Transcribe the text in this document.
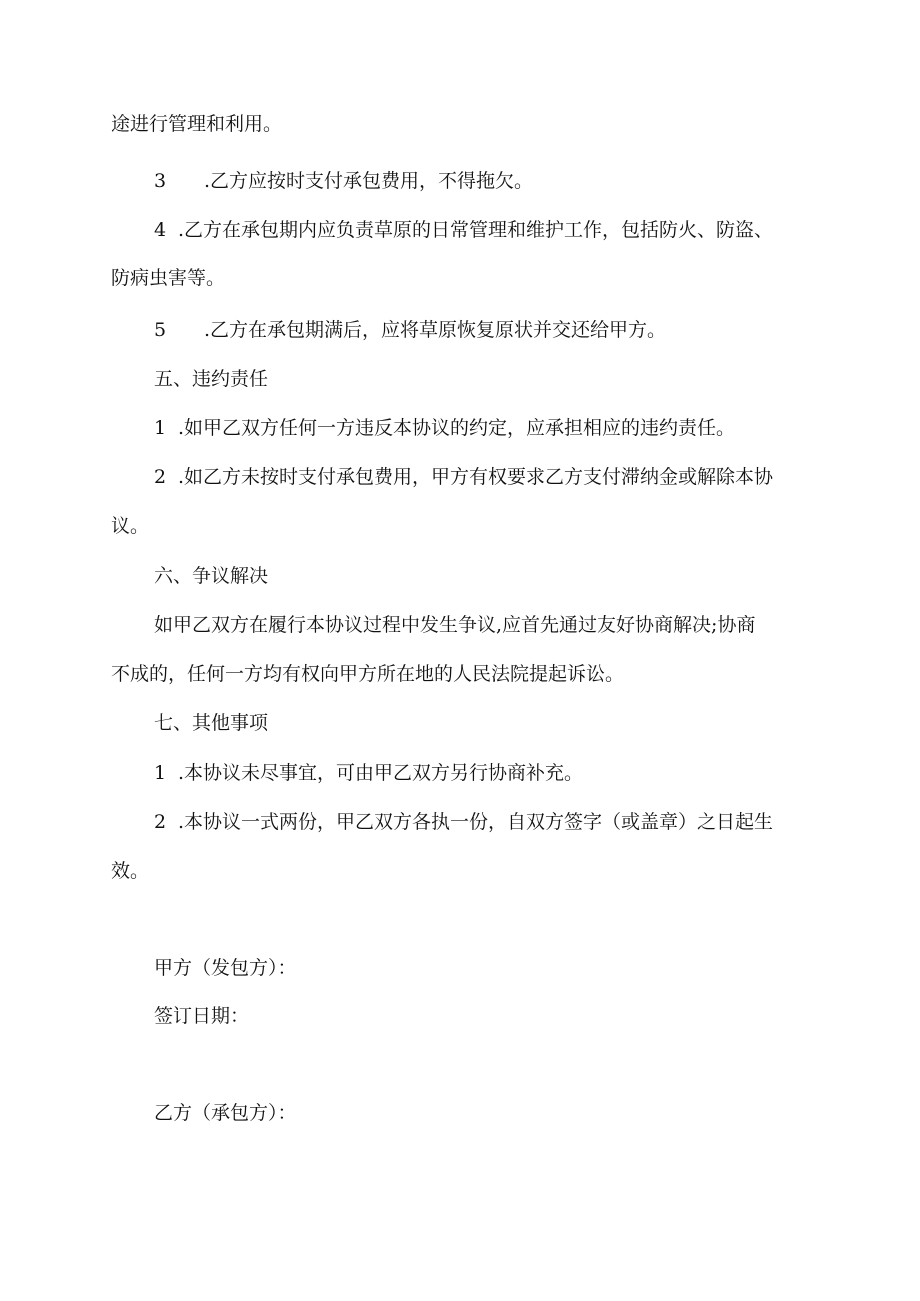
途进行管理和利用。

3 .乙方应按时支付承包费用，不得拖欠。

4 .乙方在承包期内应负责草原的日常管理和维护工作，包括防火、防盗、

防病虫害等。

5 .乙方在承包期满后，应将草原恢复原状并交还给甲方。

五、违约责任

1 .如甲乙双方任何一方违反本协议的约定，应承担相应的违约责任。

2 .如乙方未按时支付承包费用，甲方有权要求乙方支付滞纳金或解除本协

议。

六、争议解决

如甲乙双方在履行本协议过程中发生争议,应首先通过友好协商解决;协商

不成的，任何一方均有权向甲方所在地的人民法院提起诉讼。

七、其他事项

1 .本协议未尽事宜，可由甲乙双方另行协商补充。

2 .本协议一式两份，甲乙双方各执一份，自双方签字（或盖章）之日起生

效。

甲方（发包方）：

签订日期：

乙方（承包方）：
